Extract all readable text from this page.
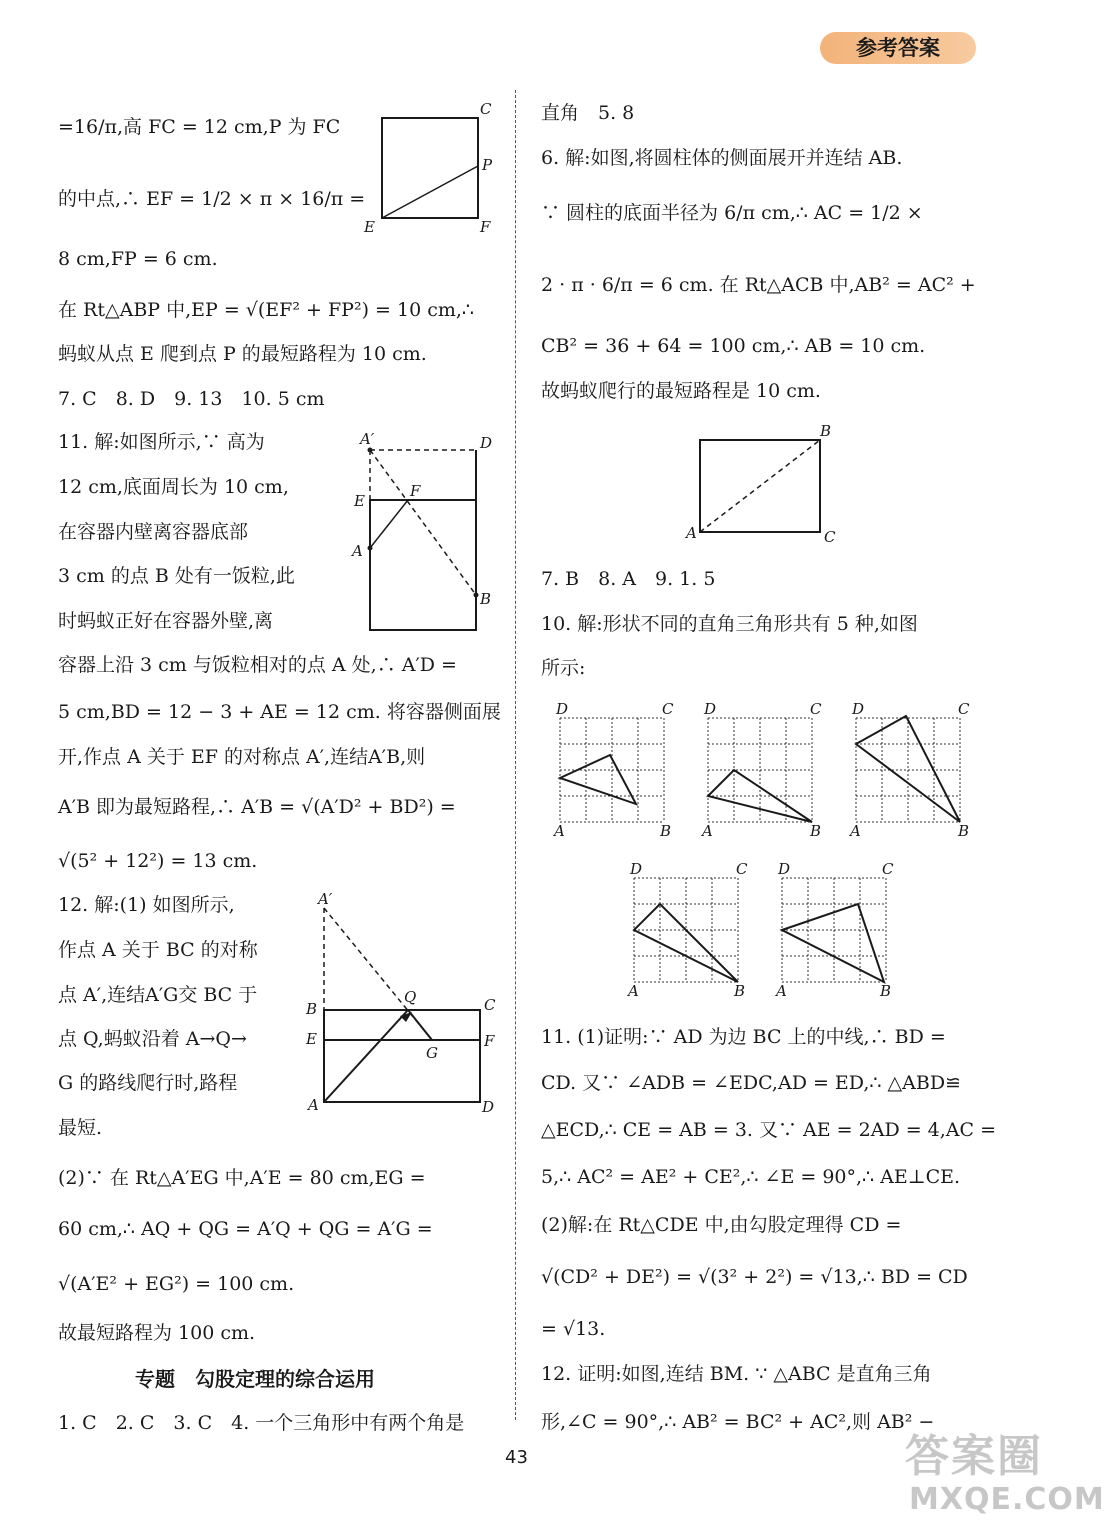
参考答案
=16/π,高 FC = 12 cm,P 为 FC
的中点,∴ EF = 1/2 × π × 16/π =
8 cm,FP = 6 cm.
在 Rt△ABP 中,EP = √(EF² + FP²) = 10 cm,∴
蚂蚁从点 E 爬到点 P 的最短路程为 10 cm.
7. C　8. D　9. 13　10. 5 cm
11. 解:如图所示,∵ 高为
12 cm,底面周长为 10 cm,
在容器内壁离容器底部
3 cm 的点 B 处有一饭粒,此
时蚂蚁正好在容器外壁,离
容器上沿 3 cm 与饭粒相对的点 A 处,∴ A′D =
5 cm,BD = 12 − 3 + AE = 12 cm. 将容器侧面展
开,作点 A 关于 EF 的对称点 A′,连结A′B,则
A′B 即为最短路程,∴ A′B = √(A′D² + BD²) =
√(5² + 12²) = 13 cm.
12. 解:(1) 如图所示,
作点 A 关于 BC 的对称
点 A′,连结A′G交 BC 于
点 Q,蚂蚁沿着 A→Q→
G 的路线爬行时,路程
最短.
(2)∵ 在 Rt△A′EG 中,A′E = 80 cm,EG =
60 cm,∴ AQ + QG = A′Q + QG = A′G =
√(A′E² + EG²) = 100 cm.
故最短路程为 100 cm.
专题　勾股定理的综合运用
1. C　2. C　3. C　4. 一个三角形中有两个角是
直角　5. 8
6. 解:如图,将圆柱体的侧面展开并连结 AB.
∵ 圆柱的底面半径为 6/π cm,∴ AC = 1/2 ×
2 · π · 6/π = 6 cm. 在 Rt△ACB 中,AB² = AC² +
CB² = 36 + 64 = 100 cm,∴ AB = 10 cm.
故蚂蚁爬行的最短路程是 10 cm.
7. B　8. A　9. 1. 5
10. 解:形状不同的直角三角形共有 5 种,如图
所示:
11. (1)证明:∵ AD 为边 BC 上的中线,∴ BD =
CD. 又∵ ∠ADB = ∠EDC,AD = ED,∴ △ABD≌
△ECD,∴ CE = AB = 3. 又∵ AE = 2AD = 4,AC =
5,∴ AC² = AE² + CE²,∴ ∠E = 90°,∴ AE⊥CE.
(2)解:在 Rt△CDE 中,由勾股定理得 CD =
√(CD² + DE²) = √(3² + 2²) = √13,∴ BD = CD
= √13.
12. 证明:如图,连结 BM. ∵ △ABC 是直角三角
形,∠C = 90°,∴ AB² = BC² + AC²,则 AB² −
C
P
E	F
A′	D
E
F
A
B
A′
B
Q	C
E
G
F
A	D
B
A	C
D	C
A	B
D	C
A	B
D	C
A	B
D	C
A	B
D	C
A	B
43	答案圈
MXQE.COM
